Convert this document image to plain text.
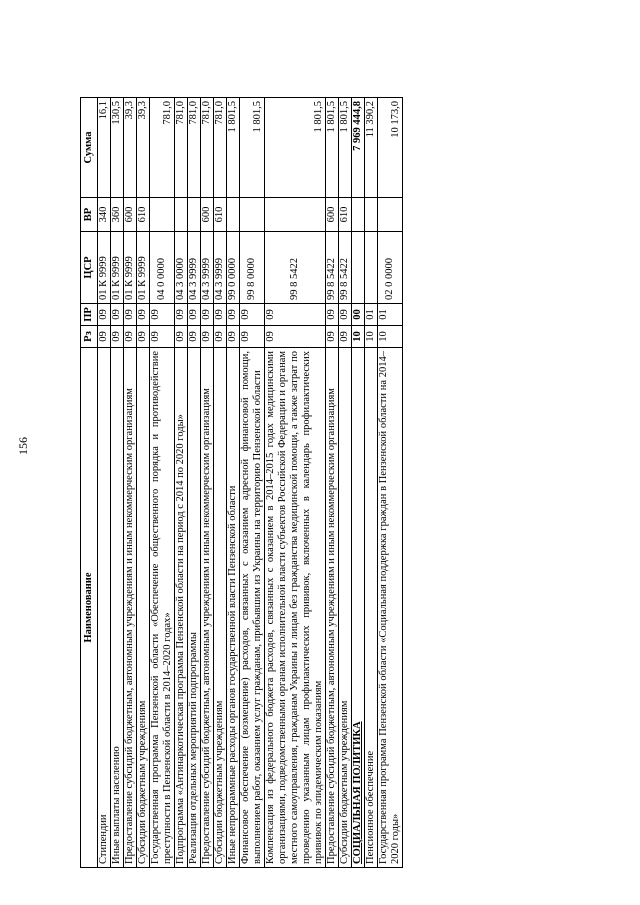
156
Наименование	Рз	ПР	ЦСР	ВР	Сумма
Стипендии	09	09	01 К 9999	340	16,1
Иные выплаты населению	09	09	01 К 9999	360	130,5
Предоставление субсидий бюджетным, автономным учреждениям и иным некоммерческим организациям	09	09	01 К 9999	600	39,3
Субсидии бюджетным учреждениям	09	09	01 К 9999	610	39,3
Государственная программа Пензенской области «Обеспечение общественного порядка и противодействие преступности в Пензенской области в 2014–2020 годах»	09	09	04 0 0000		781,0
Подпрограмма «Антинаркотическая программа Пензенской области на период с 2014 по 2020 годы»	09	09	04 3 0000		781,0
Реализация отдельных мероприятий подпрограммы	09	09	04 3 9999		781,0
Предоставление субсидий бюджетным, автономным учреждениям и иным некоммерческим организациям	09	09	04 3 9999	600	781,0
Субсидии бюджетным учреждениям	09	09	04 3 9999	610	781,0
Иные непрограммные расходы органов государственной власти Пензенской области	09	09	99 0 0000		1 801,5
Финансовое обеспечение (возмещение) расходов, связанных с оказанием адресной финансовой помощи, выполнением работ, оказанием услуг гражданам, прибывшим из Украины на территорию Пензенской области	09	09	99 8 0000		1 801,5
Компенсация из федерального бюджета расходов, связанных с оказанием в 2014–2015 годах медицинскими организациями, подведомственными органам исполнительной власти субъектов Российской Федерации и органам местного самоуправления, гражданам Украины и лицам без гражданства медицинской помощи, а также затрат по проведению указанным лицам профилактических прививок, включенных в календарь профилактических прививок по эпидемическим показаниям	09	09	99 8 5422		1 801,5
Предоставление субсидий бюджетным, автономным учреждениям и иным некоммерческим организациям	09	09	99 8 5422	600	1 801,5
Субсидии бюджетным учреждениям	09	09	99 8 5422	610	1 801,5
СОЦИАЛЬНАЯ ПОЛИТИКА	10	00			7 969 444,8
Пенсионное обеспечение	10	01			11 390,2
Государственная программа Пензенской области «Социальная поддержка граждан в Пензенской области на 2014–2020 годы»	10	01	02 0 0000		10 173,0
